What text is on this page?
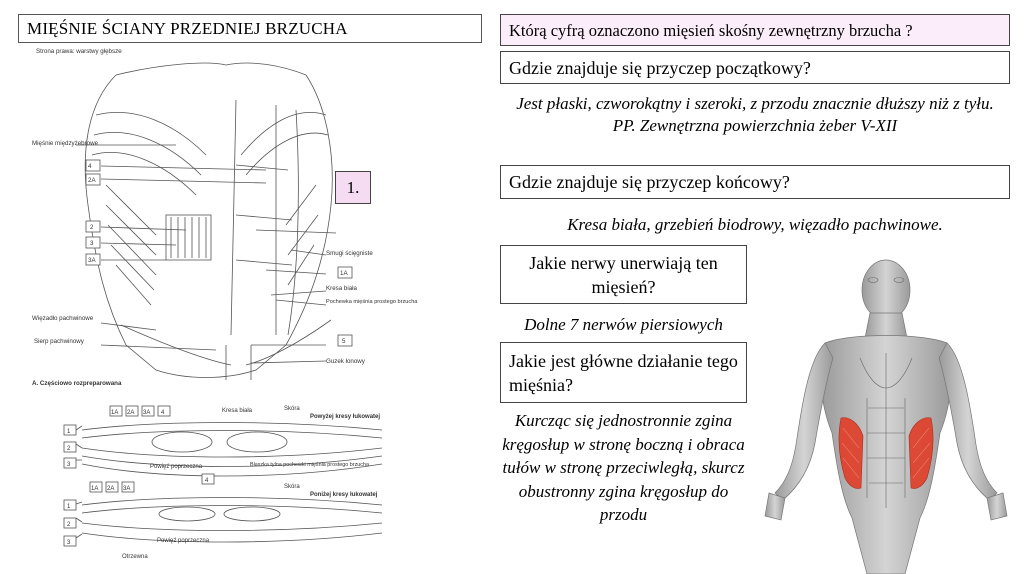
MIĘŚNIE ŚCIANY PRZEDNIEJ BRZUCHA
Strona prawa: warstwy głębsze
4
2A
2
3
3A
1A
5
Mięśnie międzyżebrowe
Więzadło pachwinowe
Sierp pachwinowy
Smugi ścięgniste
Kresa biała
Pochewka mięśnia prostego brzucha
Guzek łonowy
A. Częściowo rozpreparowana
1.
1A 2A 3A 4
1A 2A 3A
4
1
2
3
1
2
3
Kresa biała	Skóra
Powyżej kresy łukowatej
Powięź poprzeczna	Blaszka tylna pochewki mięśnia prostego brzucha
Skóra
Poniżej kresy łukowatej
Powięź poprzeczna
Otrzewna
Którą cyfrą oznaczono mięsień skośny zewnętrzny brzucha ?
Gdzie znajduje się przyczep początkowy?
Jest płaski, czworokątny i szeroki, z przodu znacznie dłuższy niż z tyłu. PP. Zewnętrzna powierzchnia żeber V-XII
Gdzie znajduje się przyczep końcowy?
Kresa biała, grzebień biodrowy, więzadło pachwinowe.
Jakie nerwy unerwiają ten mięsień?
Dolne 7 nerwów piersiowych
Jakie jest główne działanie tego mięśnia?
Kurcząc się jednostronnie zgina kręgosłup w stronę boczną i obraca tułów w stronę przeciwległą, skurcz obustronny zgina kręgosłup do przodu
